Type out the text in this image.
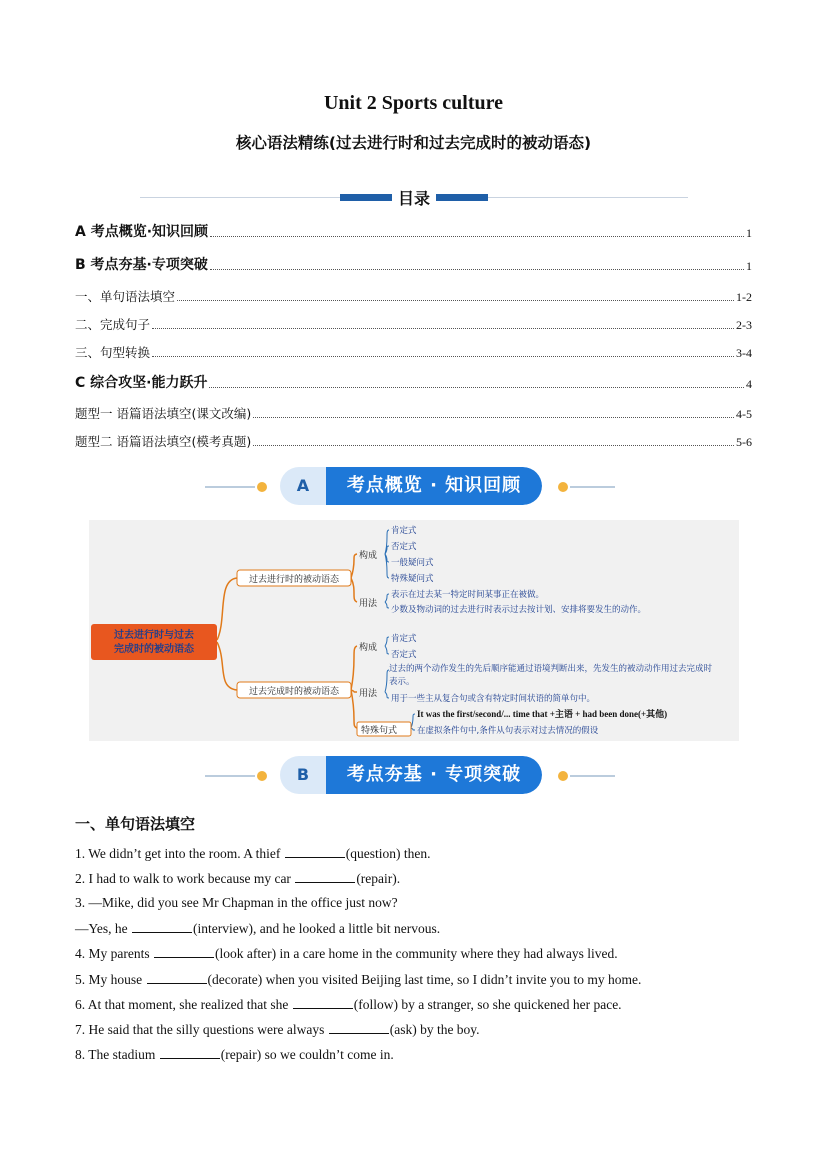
Unit 2 Sports culture
核心语法精练(过去进行时和过去完成时的被动语态)
目录
A 考点概览·知识回顾	1
B 考点夯基·专项突破	1
一、单句语法填空	1-2
二、完成句子	2-3
三、句型转换	3-4
C 综合攻坚·能力跃升	4
题型一 语篇语法填空(课文改编)	4-5
题型二 语篇语法填空(模考真题)	5-6
A	考点概览 · 知识回顾
过去进行时与过去
完成时的被动语态
过去进行时的被动语态
过去完成时的被动语态
构成
用法
构成
用法
特殊句式
肯定式
否定式
一般疑问式
特殊疑问式
表示在过去某一特定时间某事正在被做。
少数及物动词的过去进行时表示过去按计划、安排将要发生的动作。
肯定式
否定式
用于一些主从复合句或含有特定时间状语的简单句中。
在虚拟条件句中,条件从句表示对过去情况的假设
过去的两个动作发生的先后顺序能通过语境判断出来，先发生的被动动作用过去完成时表示。
It was the first/second/... time that +主语 + had been done(+其他)
B	考点夯基 · 专项突破
一、单句语法填空
1. We didn’t get into the room. A thief	(question) then.
2. I had to walk to work because my car	(repair).
3. —Mike, did you see Mr Chapman in the office just now?
—Yes, he	(interview), and he looked a little bit nervous.
4. My parents	(look after) in a care home in the community where they had always lived.
5. My house	(decorate) when you visited Beijing last time, so I didn’t invite you to my home.
6. At that moment, she realized that she	(follow) by a stranger, so she quickened her pace.
7. He said that the silly questions were always	(ask) by the boy.
8. The stadium	(repair) so we couldn’t come in.
